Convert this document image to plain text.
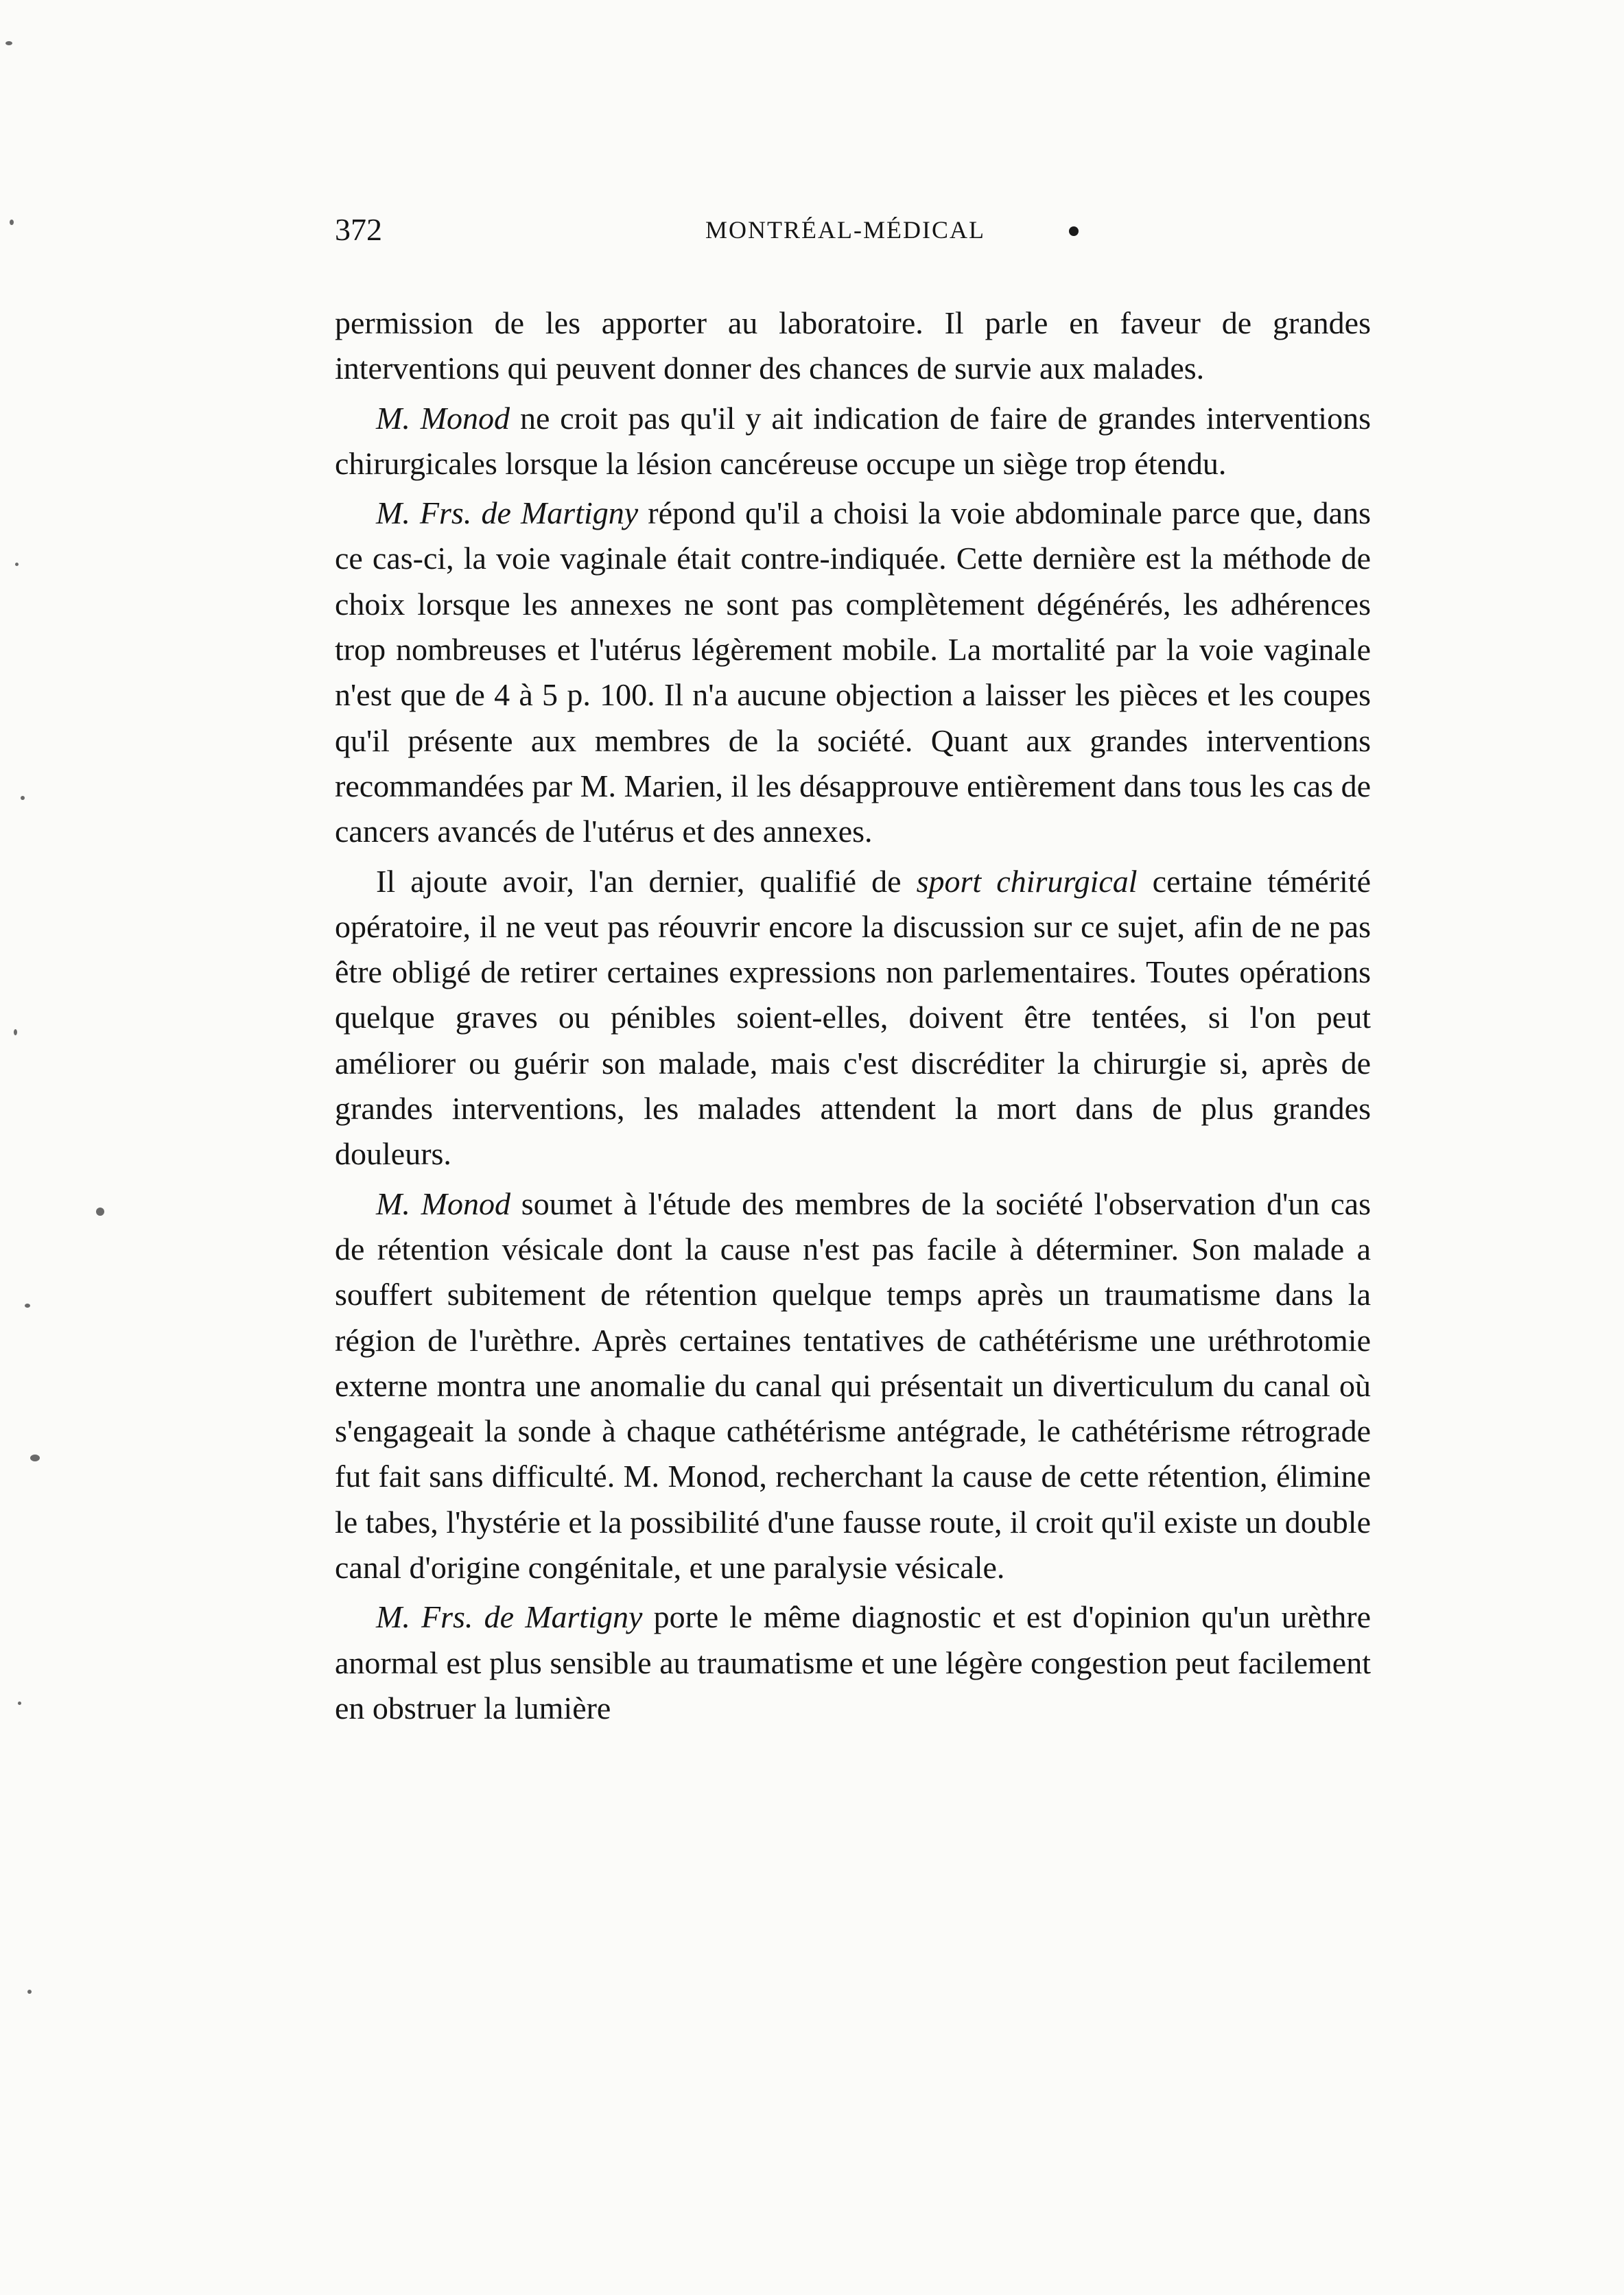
372	MONTRÉAL-MÉDICAL

permission de les apporter au laboratoire. Il parle en faveur de grandes interventions qui peuvent donner des chances de survie aux malades.

M. Monod ne croit pas qu'il y ait indication de faire de grandes interventions chirurgicales lorsque la lésion cancéreuse occupe un siège trop étendu.

M. Frs. de Martigny répond qu'il a choisi la voie abdominale parce que, dans ce cas-ci, la voie vaginale était contre-indiquée. Cette dernière est la méthode de choix lorsque les annexes ne sont pas complètement dégénérés, les adhérences trop nombreuses et l'utérus légèrement mobile. La mortalité par la voie vaginale n'est que de 4 à 5 p. 100. Il n'a aucune objection a laisser les pièces et les coupes qu'il présente aux membres de la société. Quant aux grandes interventions recommandées par M. Marien, il les désapprouve entièrement dans tous les cas de cancers avancés de l'utérus et des annexes.

Il ajoute avoir, l'an dernier, qualifié de sport chirurgical certaine témérité opératoire, il ne veut pas réouvrir encore la discussion sur ce sujet, afin de ne pas être obligé de retirer certaines expressions non parlementaires. Toutes opérations quelque graves ou pénibles soient-elles, doivent être tentées, si l'on peut améliorer ou guérir son malade, mais c'est discréditer la chirurgie si, après de grandes interventions, les malades attendent la mort dans de plus grandes douleurs.

M. Monod soumet à l'étude des membres de la société l'observation d'un cas de rétention vésicale dont la cause n'est pas facile à déterminer. Son malade a souffert subitement de rétention quelque temps après un traumatisme dans la région de l'urèthre. Après certaines tentatives de cathétérisme une uréthrotomie externe montra une anomalie du canal qui présentait un diverticulum du canal où s'engageait la sonde à chaque cathétérisme antégrade, le cathétérisme rétrograde fut fait sans difficulté. M. Monod, recherchant la cause de cette rétention, élimine le tabes, l'hystérie et la possibilité d'une fausse route, il croit qu'il existe un double canal d'origine congénitale, et une paralysie vésicale.

M. Frs. de Martigny porte le même diagnostic et est d'opinion qu'un urèthre anormal est plus sensible au traumatisme et une légère congestion peut facilement en obstruer la lumière
